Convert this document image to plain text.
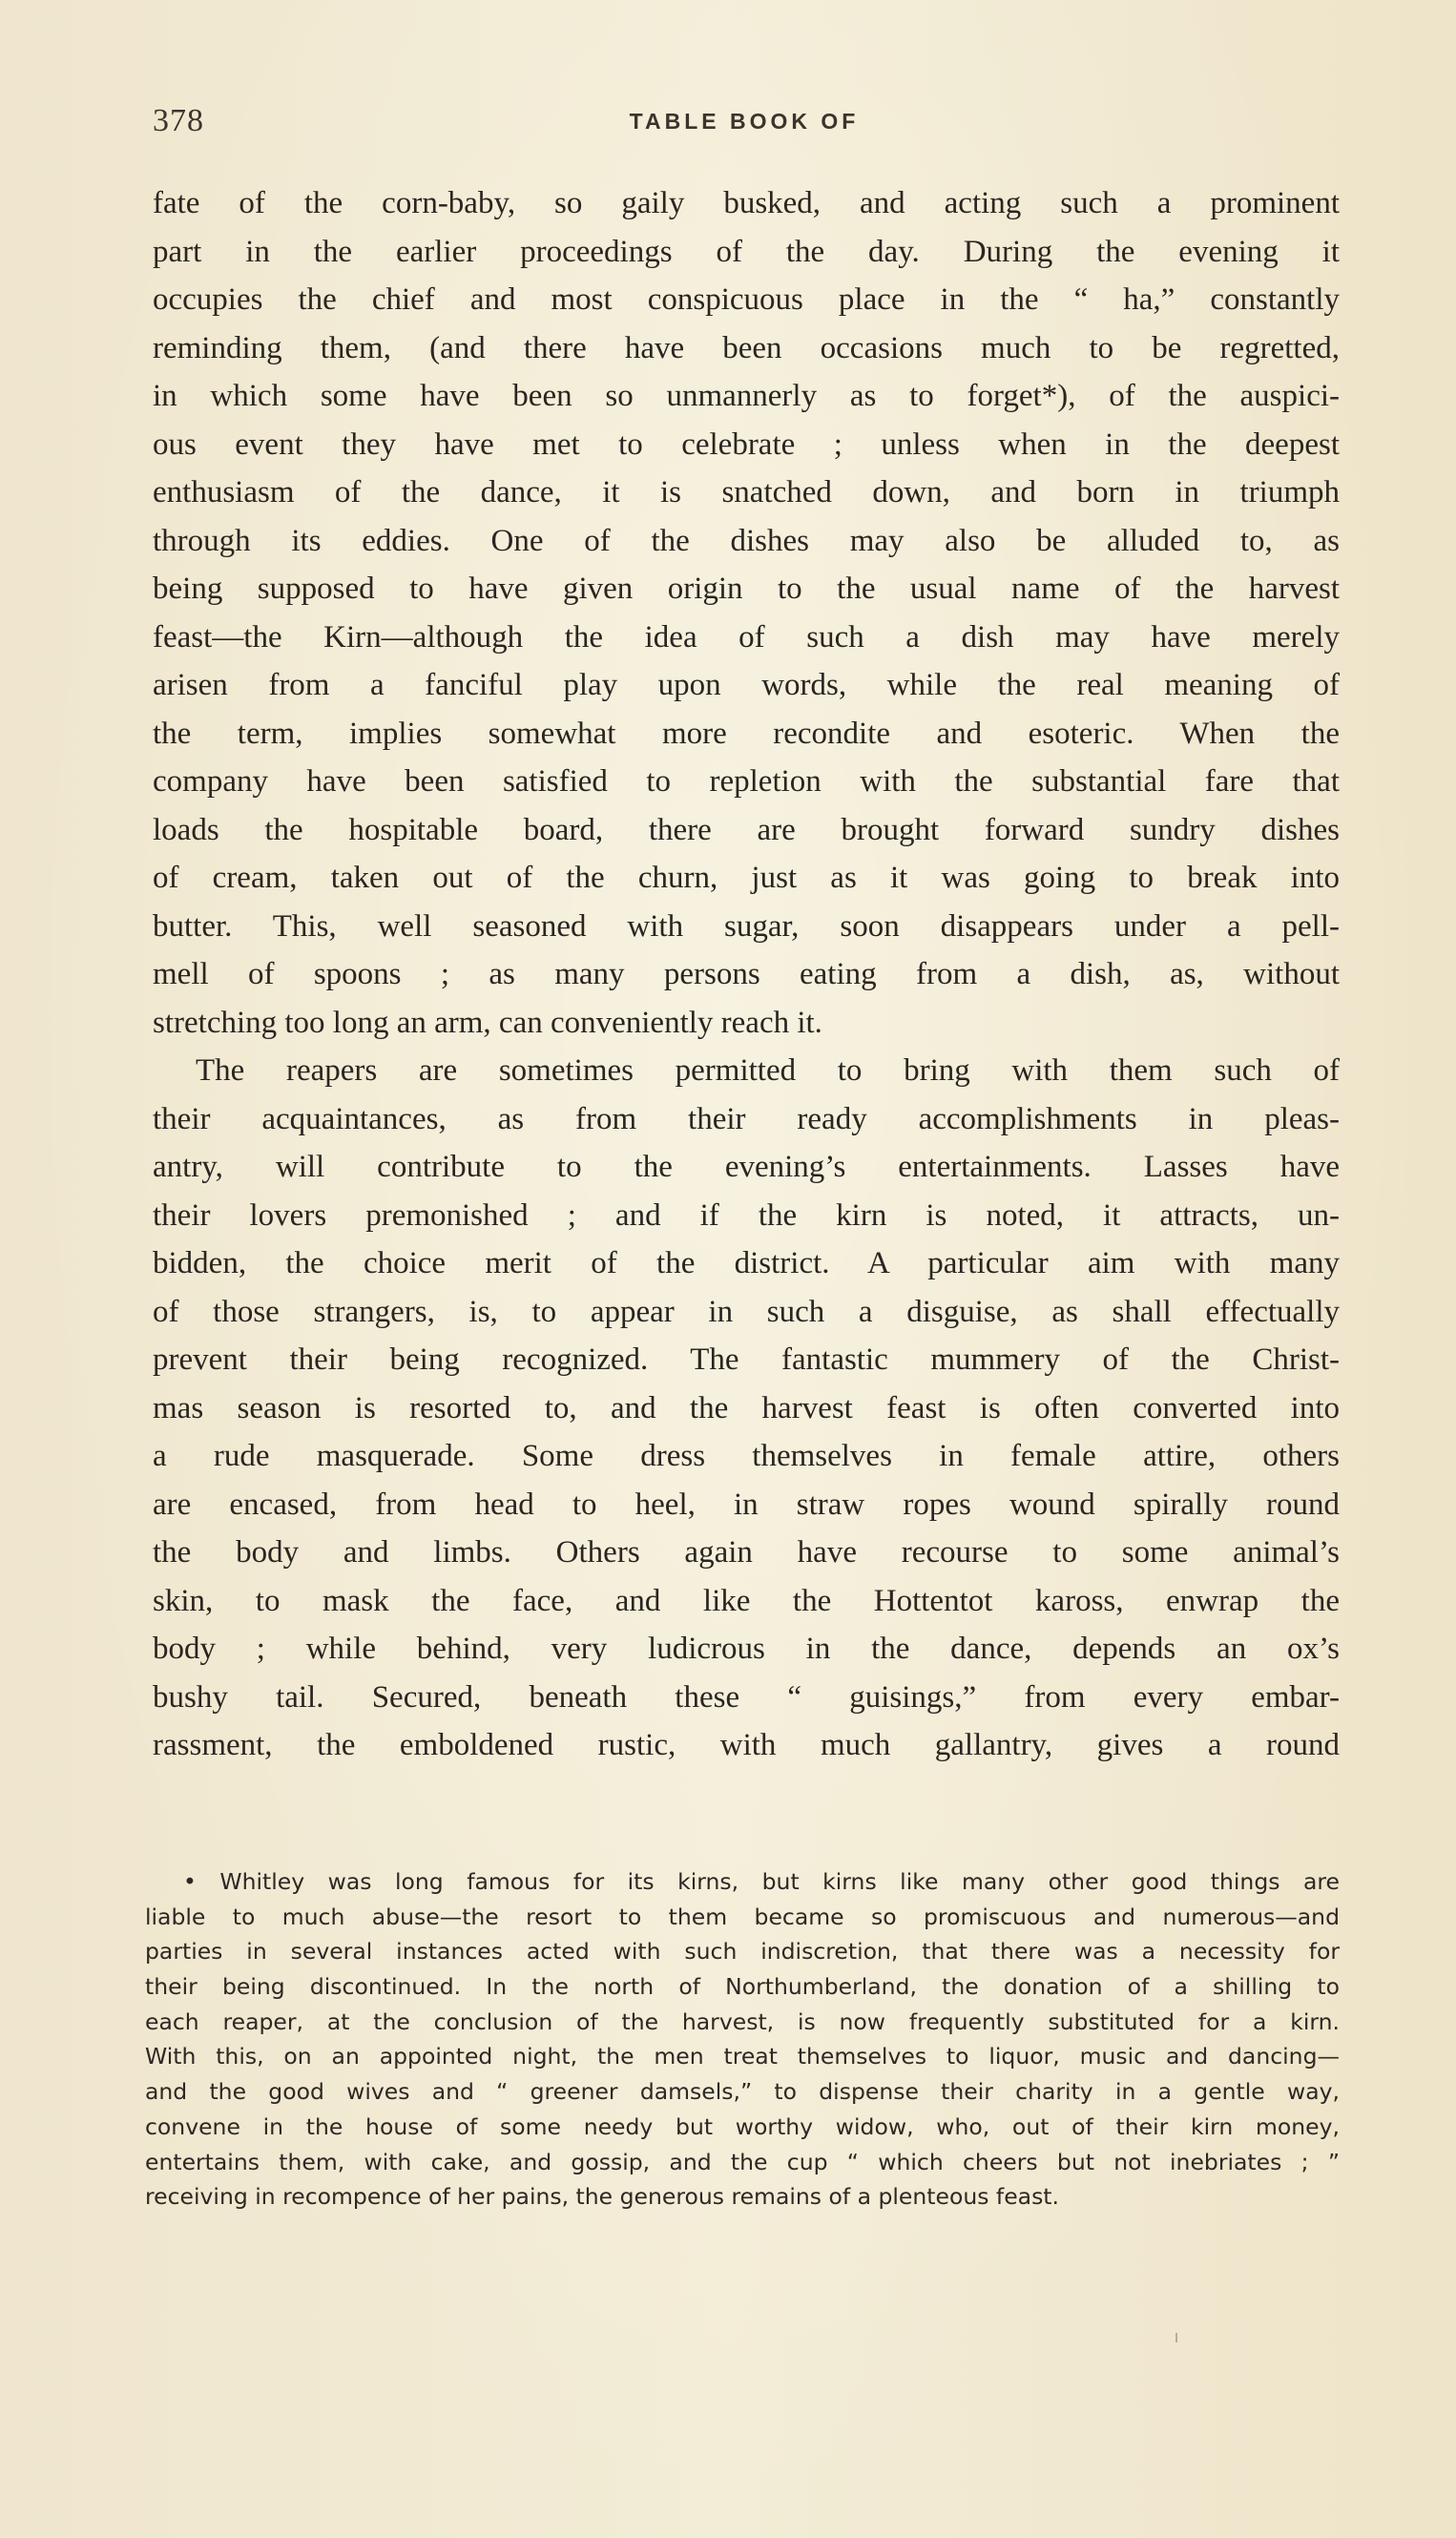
378	TABLE BOOK OF
fate of the corn-baby, so gaily busked, and acting such a prominent
part in the earlier proceedings of the day. During the evening it
occupies the chief and most conspicuous place in the “ ha,” constantly
reminding them, (and there have been occasions much to be regretted,
in which some have been so unmannerly as to forget*), of the auspici-
ous event they have met to celebrate ; unless when in the deepest
enthusiasm of the dance, it is snatched down, and born in triumph
through its eddies. One of the dishes may also be alluded to, as
being supposed to have given origin to the usual name of the harvest
feast—the Kirn—although the idea of such a dish may have merely
arisen from a fanciful play upon words, while the real meaning of
the term, implies somewhat more recondite and esoteric. When the
company have been satisfied to repletion with the substantial fare that
loads the hospitable board, there are brought forward sundry dishes
of cream, taken out of the churn, just as it was going to break into
butter. This, well seasoned with sugar, soon disappears under a pell-
mell of spoons ; as many persons eating from a dish, as, without
stretching too long an arm, can conveniently reach it.
The reapers are sometimes permitted to bring with them such of
their acquaintances, as from their ready accomplishments in pleas-
antry, will contribute to the evening’s entertainments. Lasses have
their lovers premonished ; and if the kirn is noted, it attracts, un-
bidden, the choice merit of the district. A particular aim with many
of those strangers, is, to appear in such a disguise, as shall effectually
prevent their being recognized. The fantastic mummery of the Christ-
mas season is resorted to, and the harvest feast is often converted into
a rude masquerade. Some dress themselves in female attire, others
are encased, from head to heel, in straw ropes wound spirally round
the body and limbs. Others again have recourse to some animal’s
skin, to mask the face, and like the Hottentot kaross, enwrap the
body ; while behind, very ludicrous in the dance, depends an ox’s
bushy tail. Secured, beneath these “ guisings,” from every embar-
rassment, the emboldened rustic, with much gallantry, gives a round
• Whitley was long famous for its kirns, but kirns like many other good things are
liable to much abuse—the resort to them became so promiscuous and numerous—and
parties in several instances acted with such indiscretion, that there was a necessity for
their being discontinued. In the north of Northumberland, the donation of a shilling to
each reaper, at the conclusion of the harvest, is now frequently substituted for a kirn.
With this, on an appointed night, the men treat themselves to liquor, music and dancing—
and the good wives and “ greener damsels,” to dispense their charity in a gentle way,
convene in the house of some needy but worthy widow, who, out of their kirn money,
entertains them, with cake, and gossip, and the cup “ which cheers but not inebriates ; ”
receiving in recompence of her pains, the generous remains of a plenteous feast.
